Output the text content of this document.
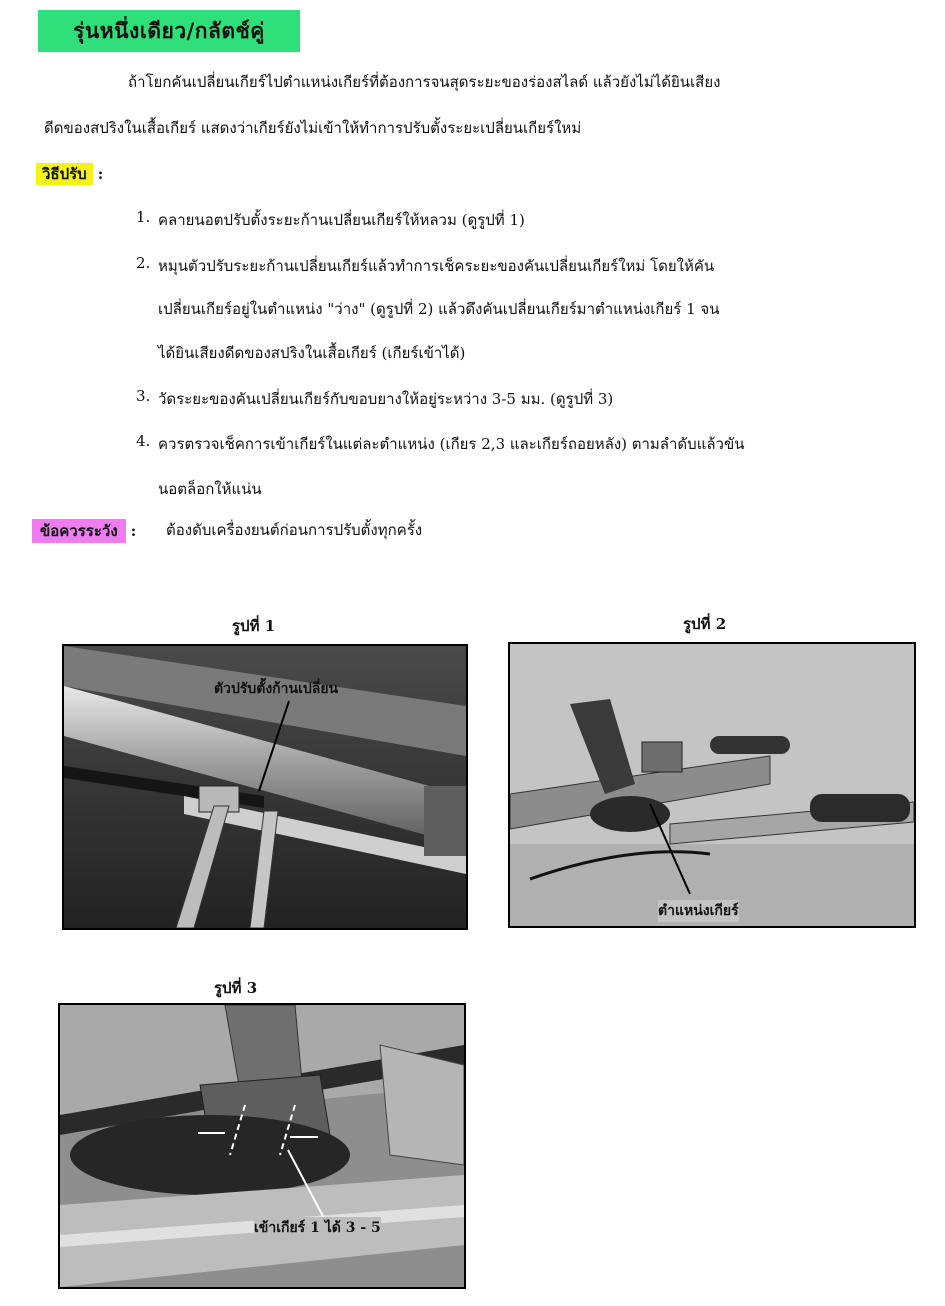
รุ่นหนึ่งเดียว/กลัตช์คู่
ถ้าโยกคันเปลี่ยนเกียร์ไปตำแหน่งเกียร์ที่ต้องการจนสุดระยะของร่องสไลด์ แล้วยังไม่ได้ยินเสียง
ดีดของสปริงในเสื้อเกียร์ แสดงว่าเกียร์ยังไม่เข้าให้ทำการปรับตั้งระยะเปลี่ยนเกียร์ใหม่
วิธีปรับ :
1. คลายนอตปรับตั้งระยะก้านเปลี่ยนเกียร์ให้หลวม (ดูรูปที่ 1)
2. หมุนตัวปรับระยะก้านเปลี่ยนเกียร์แล้วทำการเช็คระยะของคันเปลี่ยนเกียร์ใหม่ โดยให้คัน
เปลี่ยนเกียร์อยู่ในตำแหน่ง "ว่าง" (ดูรูปที่ 2) แล้วดึงคันเปลี่ยนเกียร์มาตำแหน่งเกียร์ 1 จน
ได้ยินเสียงดีดของสปริงในเสื้อเกียร์ (เกียร์เข้าได้)
3. วัดระยะของคันเปลี่ยนเกียร์กับขอบยางให้อยู่ระหว่าง 3-5 มม. (ดูรูปที่ 3)
4. ควรตรวจเช็คการเข้าเกียร์ในแต่ละตำแหน่ง (เกียร 2,3 และเกียร์ถอยหลัง) ตามลำดับแล้วขัน
นอตล็อกให้แน่น
ข้อควรระวัง : ต้องดับเครื่องยนต์ก่อนการปรับตั้งทุกครั้ง
รูปที่ 1
ตัวปรับตั้งก้านเปลี่ยน
รูปที่ 2
ตำแหน่งเกียร์
รูปที่ 3
เข้าเกียร์ 1 ได้ 3 - 5
